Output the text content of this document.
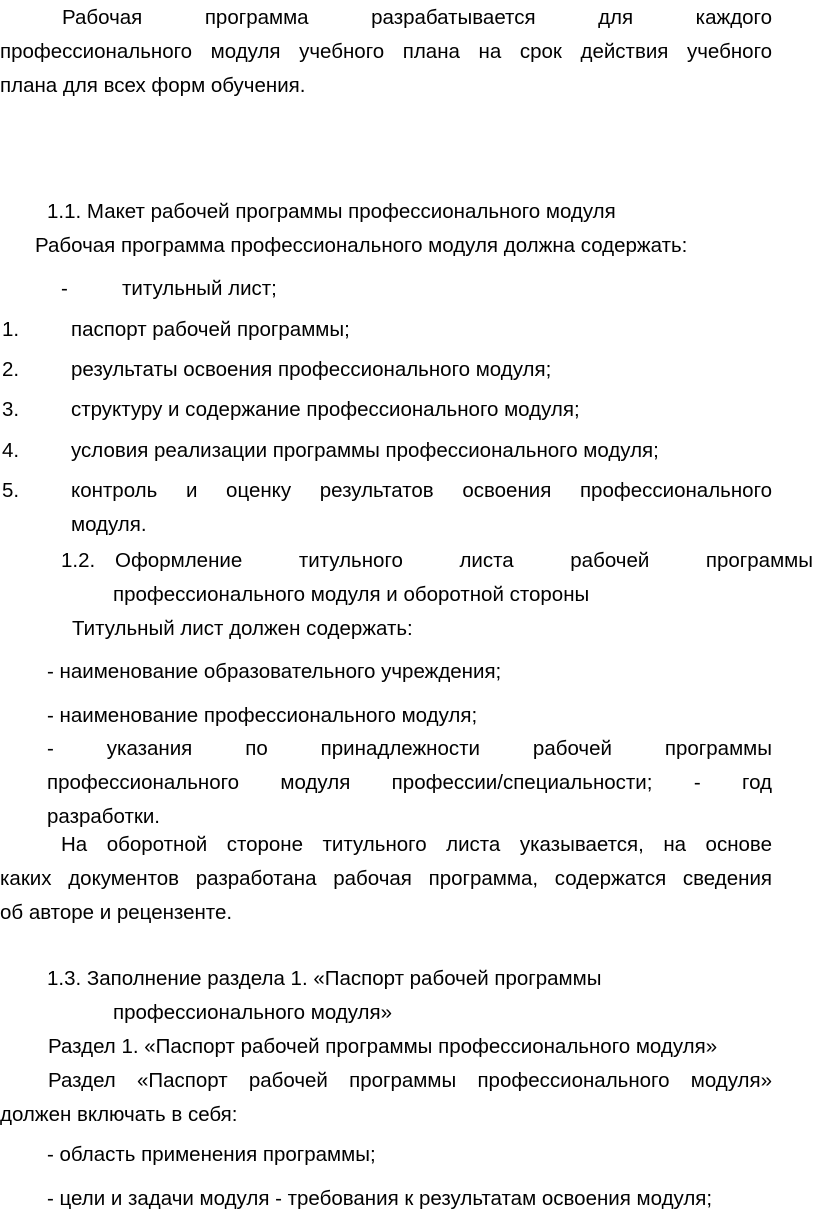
Рабочая программа разрабатывается для каждого
профессионального модуля учебного плана на срок действия учебного
плана для всех форм обучения.
1.1. Макет рабочей программы профессионального модуля
Рабочая программа профессионального модуля должна содержать:
-	титульный лист;
1.	паспорт рабочей программы;
2.	результаты освоения профессионального модуля;
3.	структуру и содержание профессионального модуля;
4.	условия реализации программы профессионального модуля;
5.	контроль и оценку результатов освоения профессионального
модуля.
1.2. Оформление титульного листа рабочей программы
профессионального модуля и оборотной стороны
Титульный лист должен содержать:
- наименование образовательного учреждения;
- наименование профессионального модуля;
- указания по принадлежности рабочей программы
профессионального модуля профессии/специальности; - год
разработки.
На оборотной стороне титульного листа указывается, на основе
каких документов разработана рабочая программа, содержатся сведения
об авторе и рецензенте.
1.3. Заполнение раздела 1. «Паспорт рабочей программы
профессионального модуля»
Раздел 1. «Паспорт рабочей программы профессионального модуля»
Раздел «Паспорт рабочей программы профессионального модуля»
должен включать в себя:
- область применения программы;
- цели и задачи модуля - требования к результатам освоения модуля;
